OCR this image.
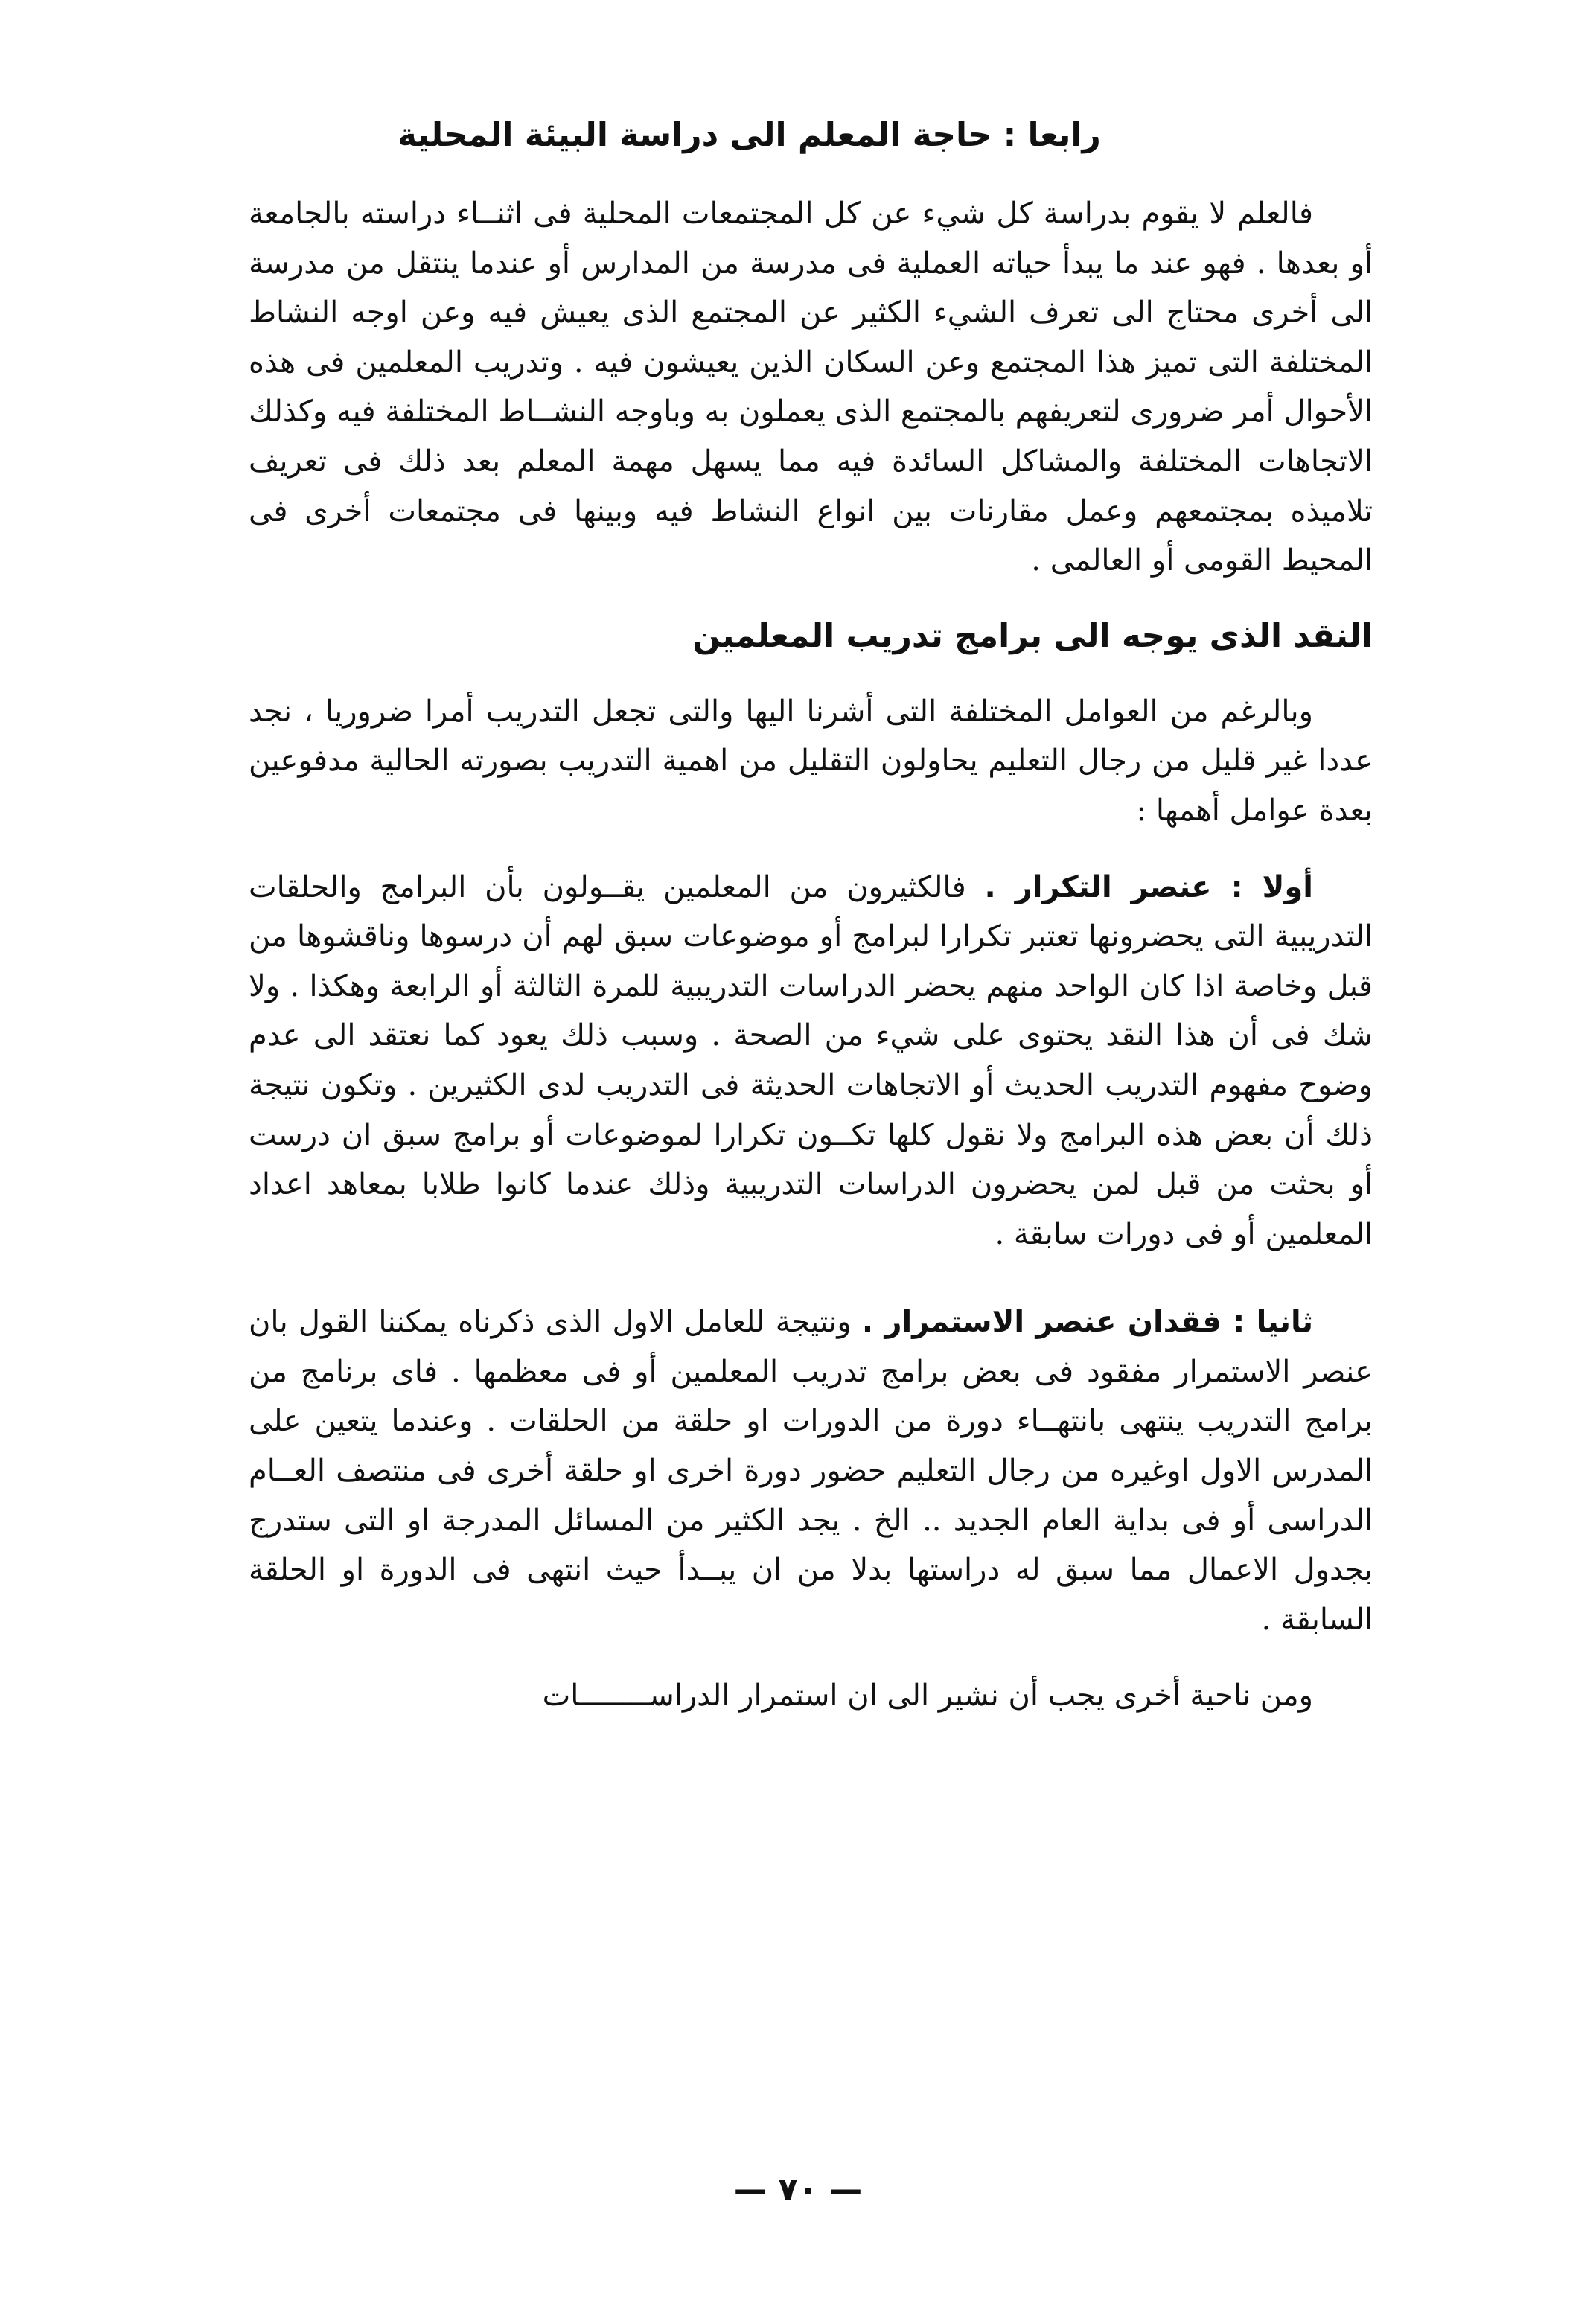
رابعا : حاجة المعلم الى دراسة البيئة المحلية

فالعلم لا يقوم بدراسة كل شيء عن كل المجتمعات المحلية فى اثنــاء دراسته بالجامعة أو بعدها . فهو عند ما يبدأ حياته العملية فى مدرسة من المدارس أو عندما ينتقل من مدرسة الى أخرى محتاج الى تعرف الشيء الكثير عن المجتمع الذى يعيش فيه وعن اوجه النشاط المختلفة التى تميز هذا المجتمع وعن السكان الذين يعيشون فيه . وتدريب المعلمين فى هذه الأحوال أمر ضرورى لتعريفهم بالمجتمع الذى يعملون به وباوجه النشــاط المختلفة فيه وكذلك الاتجاهات المختلفة والمشاكل السائدة فيه مما يسهل مهمة المعلم بعد ذلك فى تعريف تلاميذه بمجتمعهم وعمل مقارنات بين انواع النشاط فيه وبينها فى مجتمعات أخرى فى المحيط القومى أو العالمى .

النقد الذى يوجه الى برامج تدريب المعلمين

وبالرغم من العوامل المختلفة التى أشرنا اليها والتى تجعل التدريب أمرا ضروريا ، نجد عددا غير قليل من رجال التعليم يحاولون التقليل من اهمية التدريب بصورته الحالية مدفوعين بعدة عوامل أهمها :

أولا : عنصر التكرار . فالكثيرون من المعلمين يقــولون بأن البرامج والحلقات التدريبية التى يحضرونها تعتبر تكرارا لبرامج أو موضوعات سبق لهم أن درسوها وناقشوها من قبل وخاصة اذا كان الواحد منهم يحضر الدراسات التدريبية للمرة الثالثة أو الرابعة وهكذا . ولا شك فى أن هذا النقد يحتوى على شيء من الصحة . وسبب ذلك يعود كما نعتقد الى عدم وضوح مفهوم التدريب الحديث أو الاتجاهات الحديثة فى التدريب لدى الكثيرين . وتكون نتيجة ذلك أن بعض هذه البرامج ولا نقول كلها تكــون تكرارا لموضوعات أو برامج سبق ان درست أو بحثت من قبل لمن يحضرون الدراسات التدريبية وذلك عندما كانوا طلابا بمعاهد اعداد المعلمين أو فى دورات سابقة .

ثانيا : فقدان عنصر الاستمرار . ونتيجة للعامل الاول الذى ذكرناه يمكننا القول بان عنصر الاستمرار مفقود فى بعض برامج تدريب المعلمين أو فى معظمها . فاى برنامج من برامج التدريب ينتهى بانتهــاء دورة من الدورات او حلقة من الحلقات . وعندما يتعين على المدرس الاول اوغيره من رجال التعليم حضور دورة اخرى او حلقة أخرى فى منتصف العــام الدراسى أو فى بداية العام الجديد .. الخ . يجد الكثير من المسائل المدرجة او التى ستدرج بجدول الاعمال مما سبق له دراستها بدلا من ان يبــدأ حيث انتهى فى الدورة او الحلقة السابقة .

ومن ناحية أخرى يجب أن نشير الى ان استمرار الدراســــــــات

— ٧٠ —
